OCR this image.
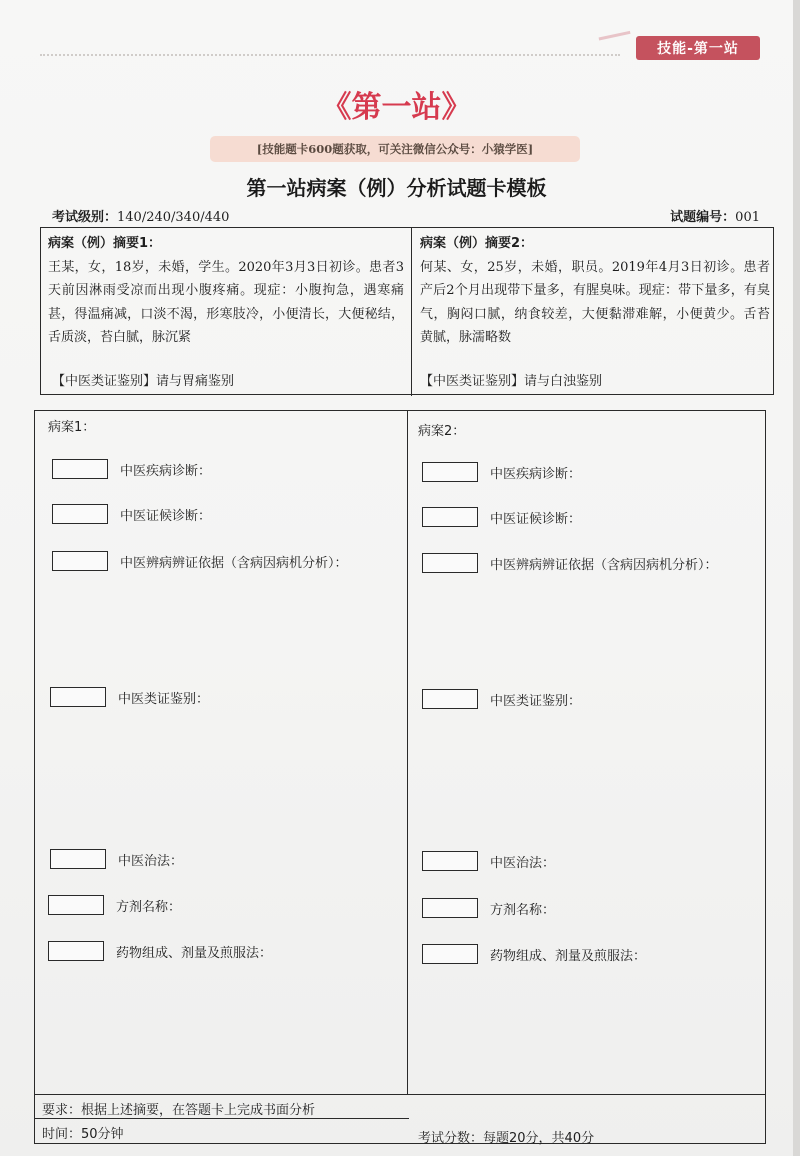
技能-第一站
《第一站》
[技能题卡600题获取，可关注微信公众号：小猿学医]
第一站病案（例）分析试题卡模板
考试级别：140/240/340/440	试题编号：001
病案（例）摘要1：
王某，女，18岁，未婚，学生。2020年3月3日初诊。患者3天前因淋雨受凉而出现小腹疼痛。现症：小腹拘急，遇寒痛甚，得温痛减，口淡不渴，形寒肢冷，小便清长，大便秘结，舌质淡，苔白腻，脉沉紧
【中医类证鉴别】请与胃痛鉴别
病案（例）摘要2：
何某、女，25岁，未婚，职员。2019年4月3日初诊。患者产后2个月出现带下量多，有腥臭味。现症：带下量多，有臭气，胸闷口腻，纳食较差，大便黏滞难解，小便黄少。舌苔黄腻，脉濡略数
【中医类证鉴别】请与白浊鉴别
病案1：	病案2：
中医疾病诊断：
中医证候诊断：
中医辨病辨证依据（含病因病机分析）：
中医类证鉴别：
中医治法：
方剂名称：
药物组成、剂量及煎服法：
中医疾病诊断：
中医证候诊断：
中医辨病辨证依据（含病因病机分析）：
中医类证鉴别：
中医治法：
方剂名称：
药物组成、剂量及煎服法：
要求：根据上述摘要，在答题卡上完成书面分析
时间：50分钟	考试分数：每题20分，共40分
